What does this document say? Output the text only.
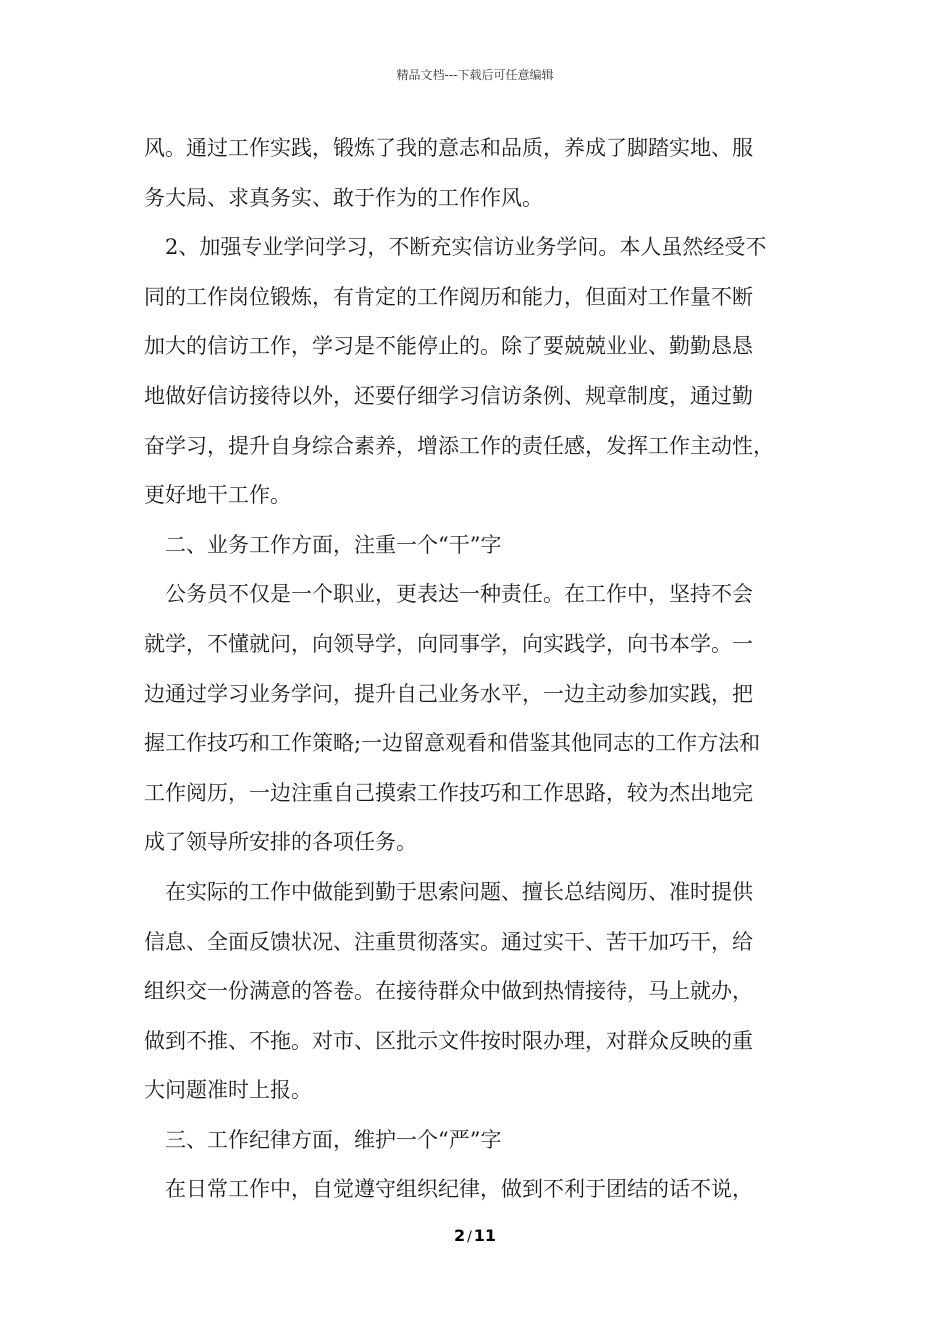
精品文档---下载后可任意编辑
风。通过工作实践，锻炼了我的意志和品质，养成了脚踏实地、服
务大局、求真务实、敢于作为的工作作风。
2、加强专业学问学习，不断充实信访业务学问。本人虽然经受不
同的工作岗位锻炼，有肯定的工作阅历和能力，但面对工作量不断
加大的信访工作，学习是不能停止的。除了要兢兢业业、勤勤恳恳
地做好信访接待以外，还要仔细学习信访条例、规章制度，通过勤
奋学习，提升自身综合素养，增添工作的责任感，发挥工作主动性，
更好地干工作。
二、业务工作方面，注重一个“干”字
公务员不仅是一个职业，更表达一种责任。在工作中，坚持不会
就学，不懂就问，向领导学，向同事学，向实践学，向书本学。一
边通过学习业务学问，提升自己业务水平，一边主动参加实践，把
握工作技巧和工作策略;一边留意观看和借鉴其他同志的工作方法和
工作阅历，一边注重自己摸索工作技巧和工作思路，较为杰出地完
成了领导所安排的各项任务。
在实际的工作中做能到勤于思索问题、擅长总结阅历、准时提供
信息、全面反馈状况、注重贯彻落实。通过实干、苦干加巧干，给
组织交一份满意的答卷。在接待群众中做到热情接待，马上就办，
做到不推、不拖。对市、区批示文件按时限办理，对群众反映的重
大问题准时上报。
三、工作纪律方面，维护一个“严”字
在日常工作中，自觉遵守组织纪律，做到不利于团结的话不说，
2 / 11
